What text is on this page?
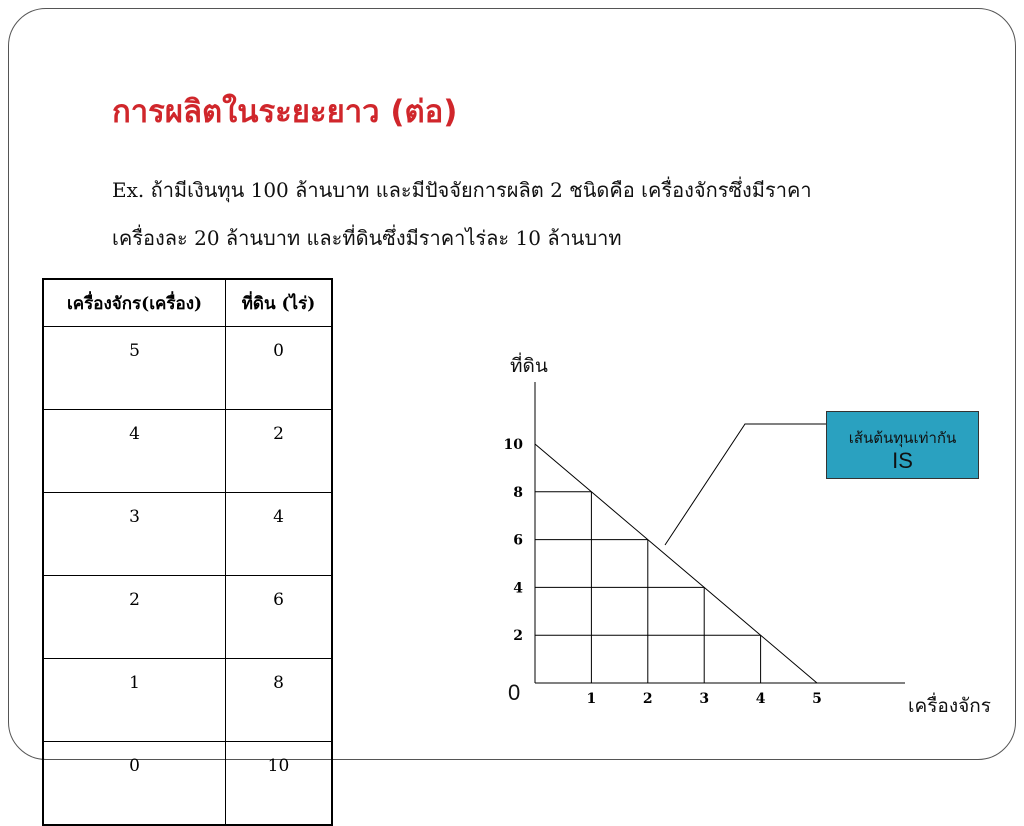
การผลิตในระยะยาว (ต่อ)
Ex. ถ้ามีเงินทุน 100 ล้านบาท และมีปัจจัยการผลิต 2 ชนิดคือ เครื่องจักรซึ่งมีราคา
เครื่องละ 20 ล้านบาท และที่ดินซึ่งมีราคาไร่ละ 10 ล้านบาท
เครื่องจักร(เครื่อง)	ที่ดิน (ไร่)
5	0
4	2
3	4
2	6
1	8
0	10
1	2	3	4	5
2
4
6
8
10
ที่ดิน
เครื่องจักร
0
เส้นต้นทุนเท่ากัน
IS
